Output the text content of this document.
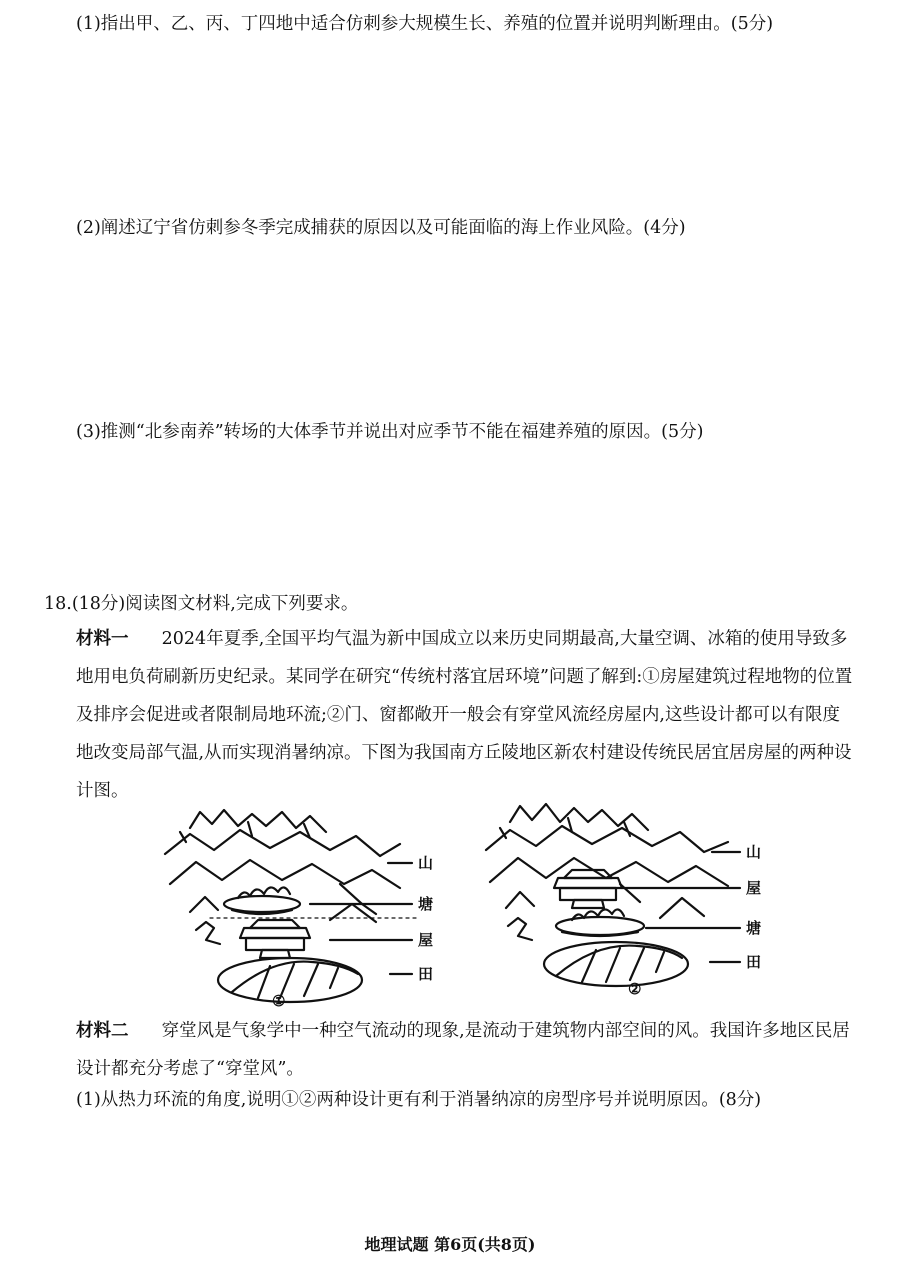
(1)指出甲、乙、丙、丁四地中适合仿刺参大规模生长、养殖的位置并说明判断理由。(5分)
(2)阐述辽宁省仿刺参冬季完成捕获的原因以及可能面临的海上作业风险。(4分)
(3)推测“北参南养”转场的大体季节并说出对应季节不能在福建养殖的原因。(5分)
18.(18分)阅读图文材料,完成下列要求。
材料一 2024年夏季,全国平均气温为新中国成立以来历史同期最高,大量空调、冰箱的使用导致多地用电负荷刷新历史纪录。某同学在研究“传统村落宜居环境”问题了解到:①房屋建筑过程地物的位置及排序会促进或者限制局地环流;②门、窗都敞开一般会有穿堂风流经房屋内,这些设计都可以有限度地改变局部气温,从而实现消暑纳凉。下图为我国南方丘陵地区新农村建设传统民居宜居房屋的两种设计图。
山
塘
屋
田
①
山
屋
塘
田
②
材料二 穿堂风是气象学中一种空气流动的现象,是流动于建筑物内部空间的风。我国许多地区民居设计都充分考虑了“穿堂风”。
(1)从热力环流的角度,说明①②两种设计更有利于消暑纳凉的房型序号并说明原因。(8分)
地理试题 第6页(共8页)
